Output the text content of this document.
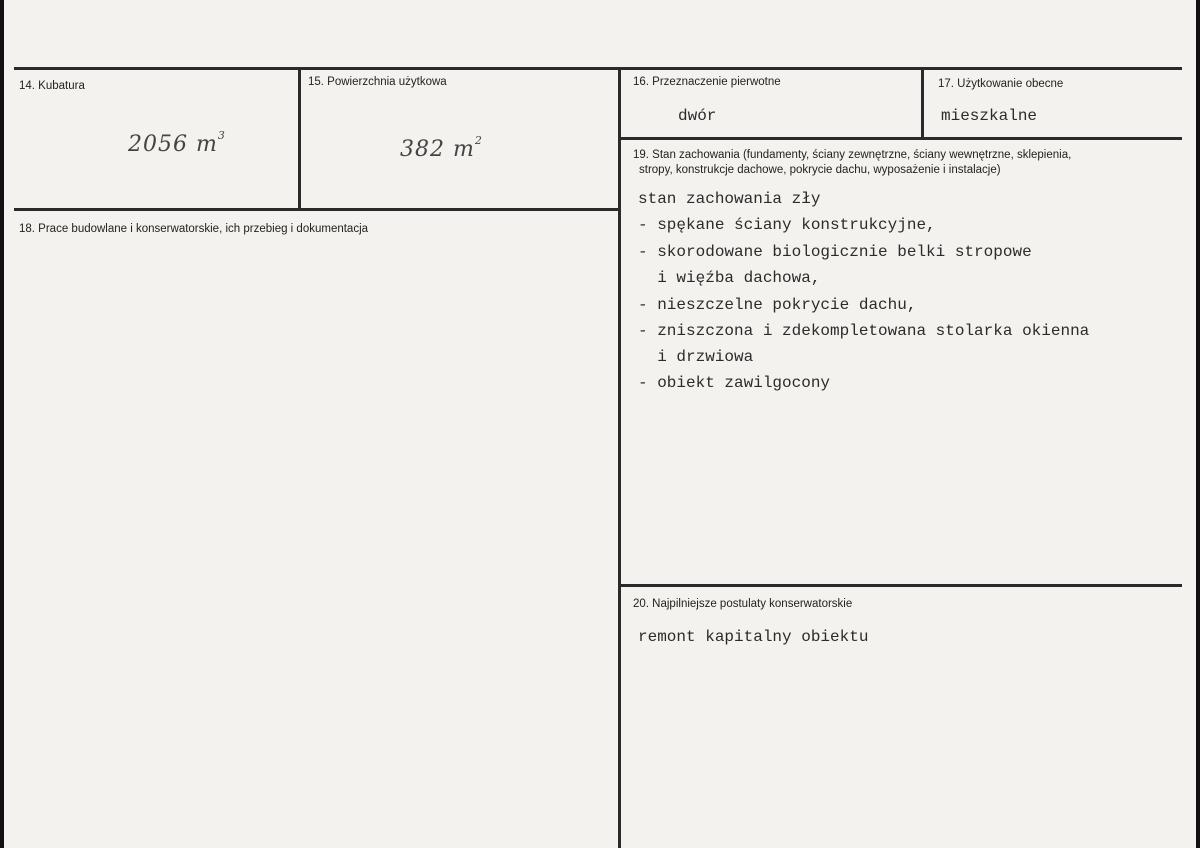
14. Kubatura
2056 $m^3$
15. Powierzchnia użytkowa
382 $m^2$
16. Przeznaczenie pierwotne
dwór
17. Użytkowanie obecne
mieszkalne
18. Prace budowlane i konserwatorskie, ich przebieg i dokumentacja
19. Stan zachowania (fundamenty, ściany zewnętrzne, ściany wewnętrzne, sklepienia,
stropy, konstrukcje dachowe, pokrycie dachu, wyposażenie i instalacje)
stan zachowania zły
- spękane ściany konstrukcyjne,
- skorodowane biologicznie belki stropowe
i więźba dachowa,
- nieszczelne pokrycie dachu,
- zniszczona i zdekompletowana stolarka okienna
i drzwiowa
- obiekt zawilgocony
20. Najpilniejsze postulaty konserwatorskie
remont kapitalny obiektu
